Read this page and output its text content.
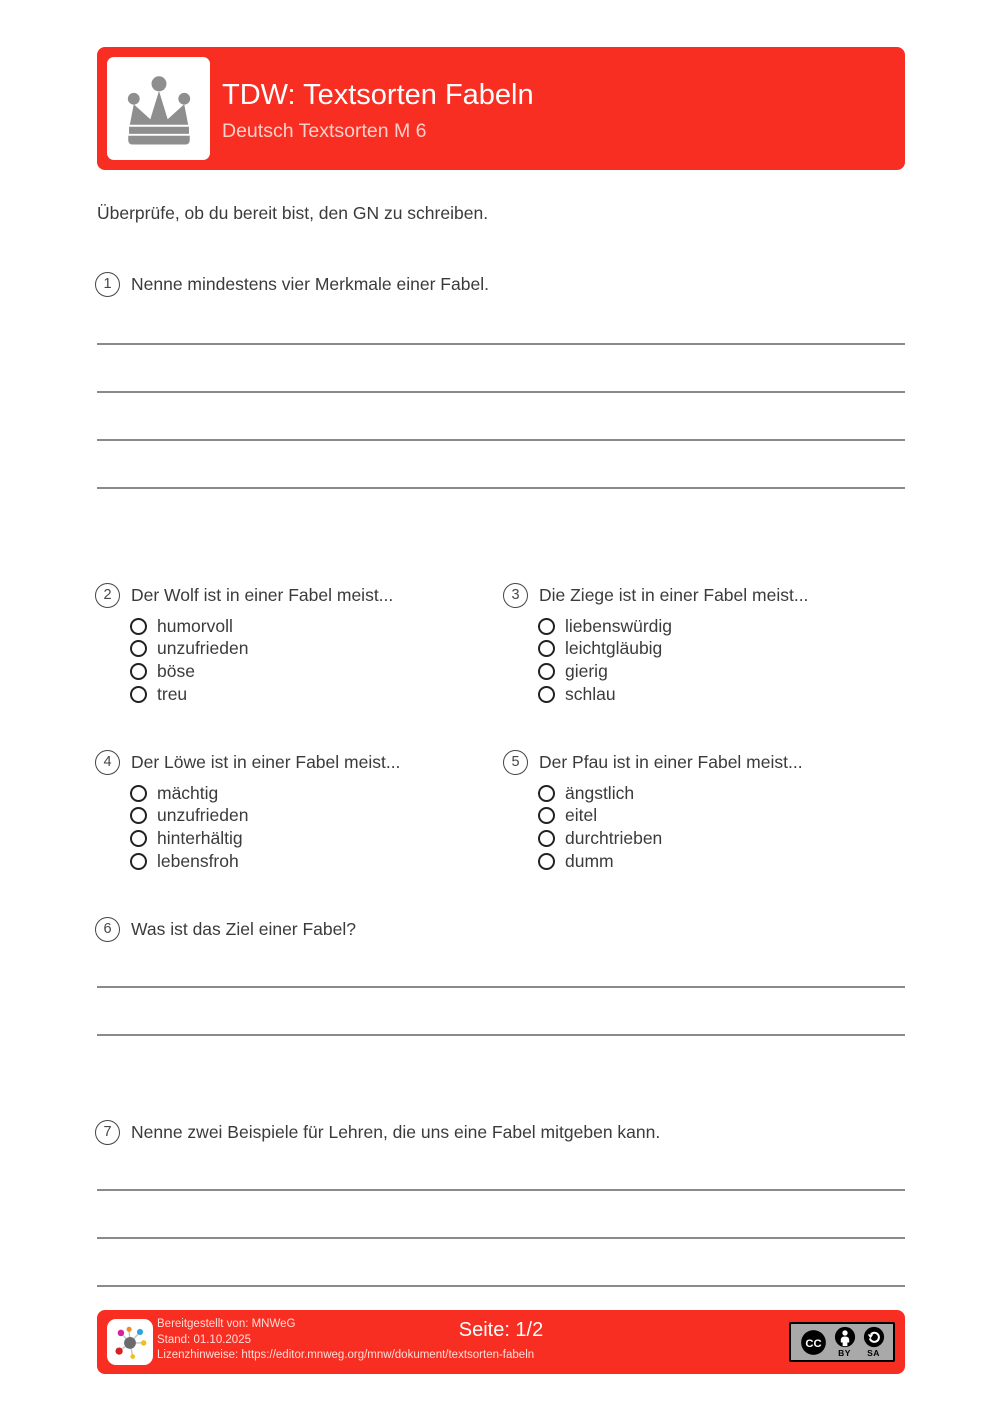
TDW: Textsorten Fabeln
Deutsch Textsorten M 6

Überprüfe, ob du bereit bist, den GN zu schreiben.

1	Nenne mindestens vier Merkmale einer Fabel.
2	Der Wolf ist in einer Fabel meist...
humorvoll
unzufrieden
böse
treu
3	Die Ziege ist in einer Fabel meist...
liebenswürdig
leichtgläubig
gierig
schlau
4	Der Löwe ist in einer Fabel meist...
mächtig
unzufrieden
hinterhältig
lebensfroh
5	Der Pfau ist in einer Fabel meist...
ängstlich
eitel
durchtrieben
dumm
6	Was ist das Ziel einer Fabel?
7	Nenne zwei Beispiele für Lehren, die uns eine Fabel mitgeben kann.
Bereitgestellt von: MNWeG
Stand: 01.10.2025
Lizenzhinweise: https://editor.mnweg.org/mnw/dokument/textsorten-fabeln
Seite: 1/2
CC
BY SA
